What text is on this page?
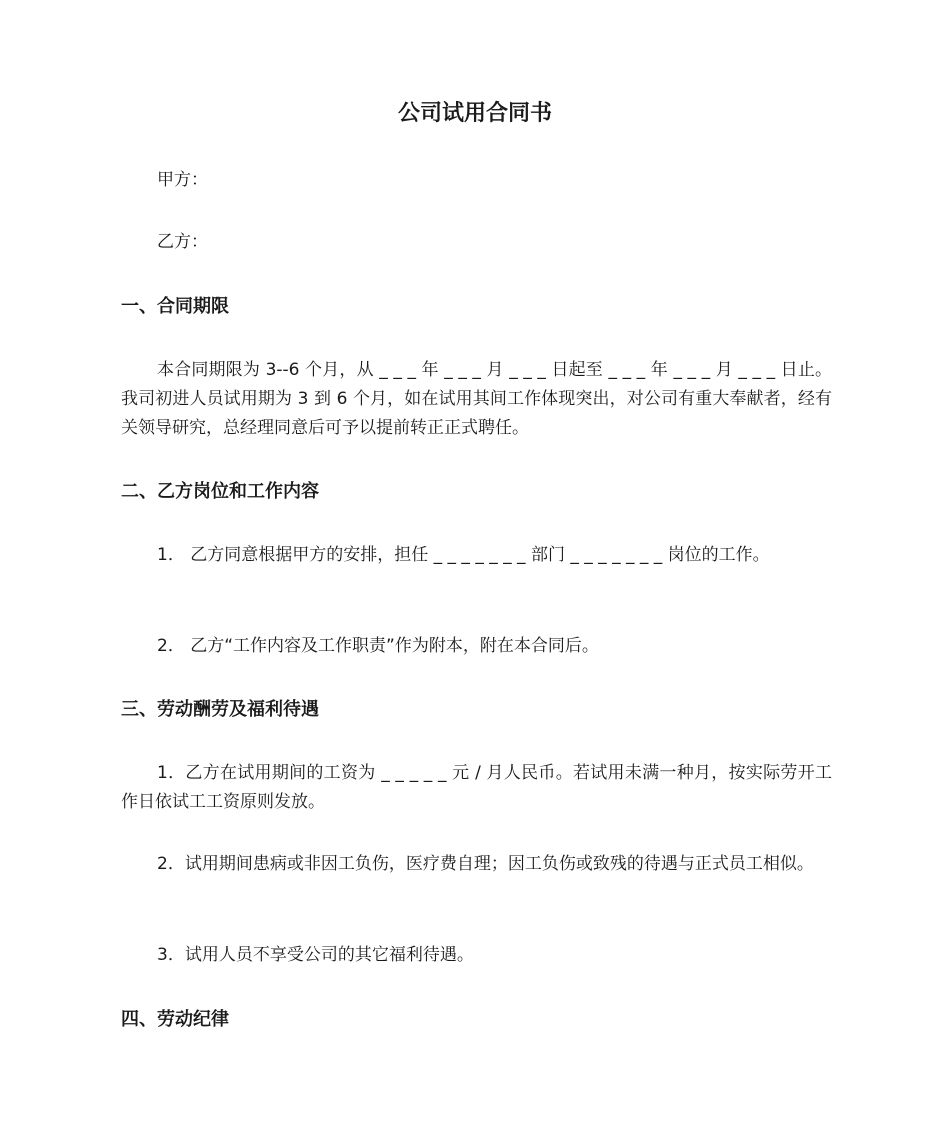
公司试用合同书

甲方：

乙方：

一、合同期限

本合同期限为 3--6 个月，从 _ _ _ 年 _ _ _ 月 _ _ _ 日起至 _ _ _ 年 _ _ _ 月 _ _ _ 日止。我司初进人员试用期为 3 到 6 个月，如在试用其间工作体现突出，对公司有重大奉献者，经有关领导研究，总经理同意后可予以提前转正正式聘任。

二、乙方岗位和工作内容

1． 乙方同意根据甲方的安排，担任 _ _ _ _ _ _ _ 部门 _ _ _ _ _ _ _ 岗位的工作。

2． 乙方“工作内容及工作职责”作为附本，附在本合同后。

三、劳动酬劳及福利待遇

1．乙方在试用期间的工资为 _ _ _ _ _ 元 / 月人民币。若试用未满一种月，按实际劳开工作日依试工工资原则发放。

2．试用期间患病或非因工负伤，医疗费自理；因工负伤或致残的待遇与正式员工相似。

3．试用人员不享受公司的其它福利待遇。

四、劳动纪律
